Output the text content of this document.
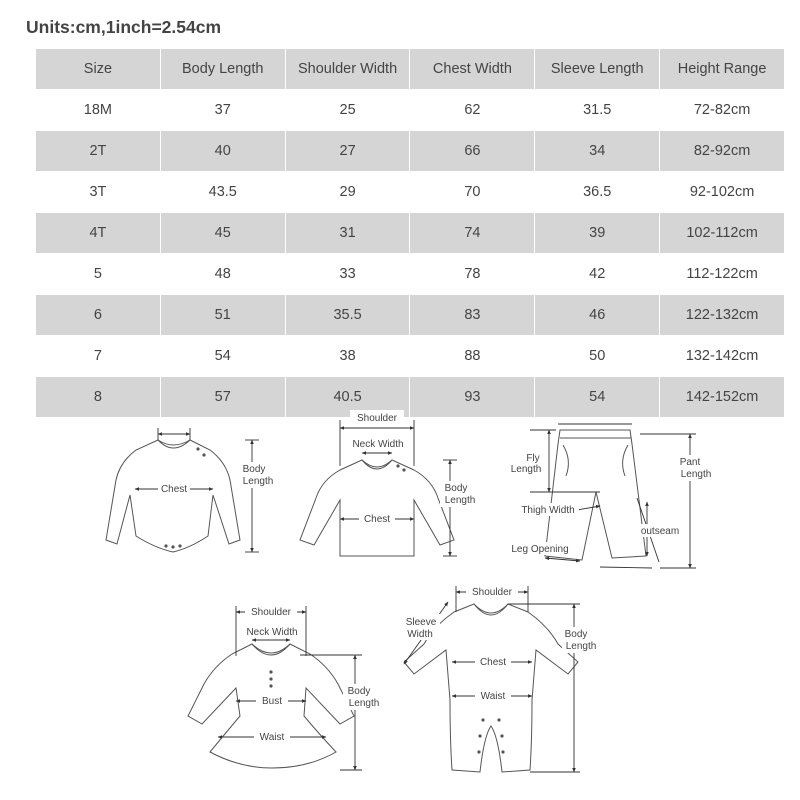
Units:cm,1inch=2.54cm
Size	Body Length	Shoulder Width	Chest Width	Sleeve Length	Height Range
18M	37	25	62	31.5	72-82cm
2T	40	27	66	34	82-92cm
3T	43.5	29	70	36.5	92-102cm
4T	45	31	74	39	102-112cm
5	48	33	78	42	112-122cm
6	51	35.5	83	46	122-132cm
7	54	38	88	50	132-142cm
8	57	40.5	93	54	142-152cm
Chest
Body
Length
Shoulder
Neck Width
Chest
Body
Length
Fly
Length
Thigh Width
Leg Opening
outseam
Pant
Length
Shoulder
Neck Width
Bust
Waist
Body
Length
Shoulder
Sleeve
Width
Chest
Waist
Body
Length
